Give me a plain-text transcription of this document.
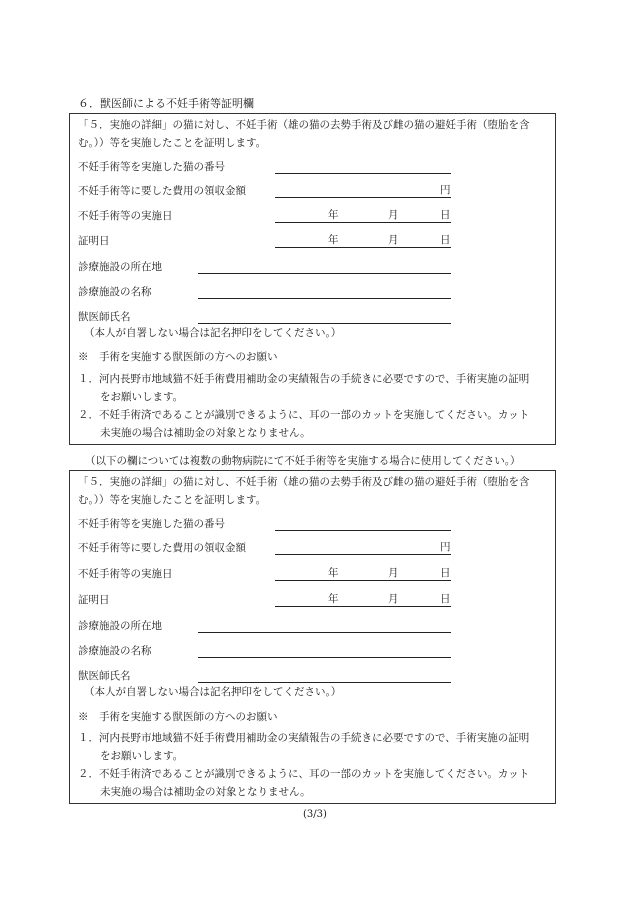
６．獣医師による不妊手術等証明欄
「５．実施の詳細」の猫に対し、不妊手術（雄の猫の去勢手術及び雌の猫の避妊手術（堕胎を含
む。））等を実施したことを証明します。
不妊手術等を実施した猫の番号
不妊手術等に要した費用の領収金額	円
不妊手術等の実施日	年	月	日
証明日	年	月	日
診療施設の所在地
診療施設の名称
獣医師氏名
（本人が自署しない場合は記名押印をしてください。）
※　手術を実施する獣医師の方へのお願い
１．河内長野市地域猫不妊手術費用補助金の実績報告の手続きに必要ですので、手術実施の証明
をお願いします。
２．不妊手術済であることが識別できるように、耳の一部のカットを実施してください。カット
未実施の場合は補助金の対象となりません。
（以下の欄については複数の動物病院にて不妊手術等を実施する場合に使用してください。）
「５．実施の詳細」の猫に対し、不妊手術（雄の猫の去勢手術及び雌の猫の避妊手術（堕胎を含
む。））等を実施したことを証明します。
不妊手術等を実施した猫の番号
不妊手術等に要した費用の領収金額	円
不妊手術等の実施日	年	月	日
証明日	年	月	日
診療施設の所在地
診療施設の名称
獣医師氏名
（本人が自署しない場合は記名押印をしてください。）
※　手術を実施する獣医師の方へのお願い
１．河内長野市地域猫不妊手術費用補助金の実績報告の手続きに必要ですので、手術実施の証明
をお願いします。
２．不妊手術済であることが識別できるように、耳の一部のカットを実施してください。カット
未実施の場合は補助金の対象となりません。
(3/3)
